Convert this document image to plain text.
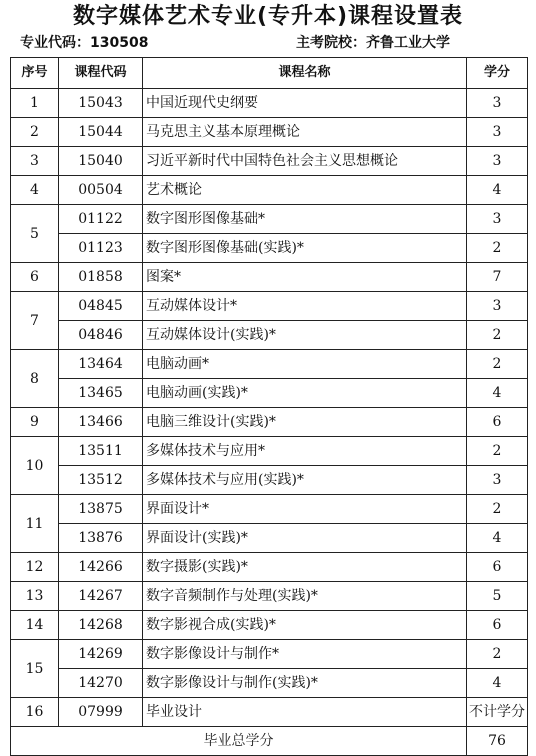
数字媒体艺术专业(专升本)课程设置表
专业代码：130508	主考院校：齐鲁工业大学
序号	课程代码	课程名称	学分
1	15043	中国近现代史纲要	3
2	15044	马克思主义基本原理概论	3
3	15040	习近平新时代中国特色社会主义思想概论	3
4	00504	艺术概论	4
5	01122	数字图形图像基础*	3
	01123	数字图形图像基础(实践)*	2
6	01858	图案*	7
7	04845	互动媒体设计*	3
	04846	互动媒体设计(实践)*	2
8	13464	电脑动画*	2
	13465	电脑动画(实践)*	4
9	13466	电脑三维设计(实践)*	6
10	13511	多媒体技术与应用*	2
	13512	多媒体技术与应用(实践)*	3
11	13875	界面设计*	2
	13876	界面设计(实践)*	4
12	14266	数字摄影(实践)*	6
13	14267	数字音频制作与处理(实践)*	5
14	14268	数字影视合成(实践)*	6
15	14269	数字影像设计与制作*	2
	14270	数字影像设计与制作(实践)*	4
16	07999	毕业设计	不计学分
毕业总学分			76
